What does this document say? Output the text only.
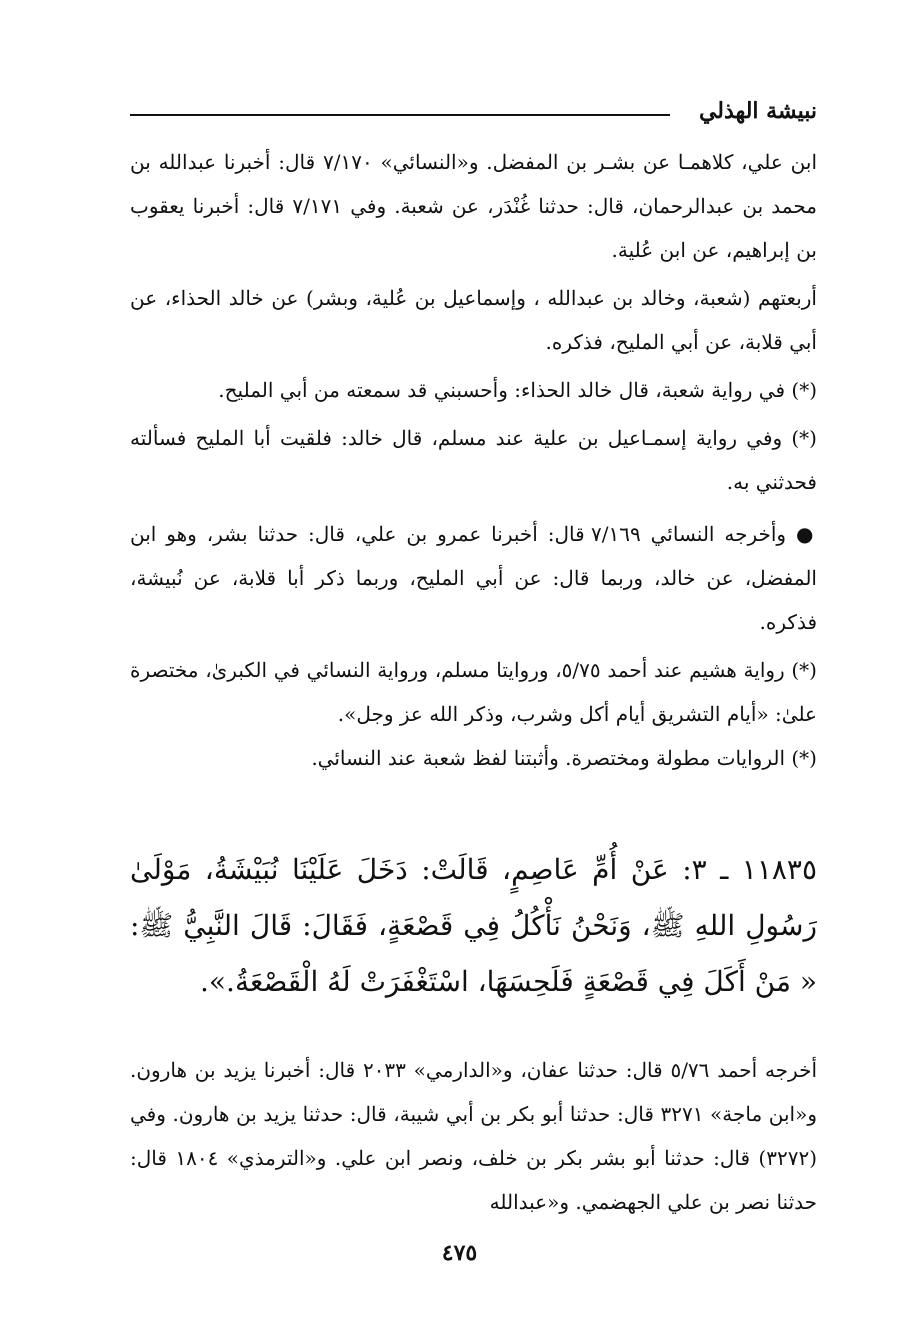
نبيشة الهذلي

ابن علي، كلاهمـا عن بشـر بن المفضل. و«النسائي» ٧/١٧٠ قال: أخبرنا عبدالله بن محمد بن عبدالرحمان، قال: حدثنا غُنْدَر، عن شعبة. وفي ٧/١٧١ قال: أخبرنا يعقوب بن إبراهيم، عن ابن عُلية.

أربعتهم (شعبة، وخالد بن عبدالله ، وإسماعيل بن عُلية، وبشر) عن خالد الحذاء، عن أبي قلابة، عن أبي المليح، فذكره.

(*) في رواية شعبة، قال خالد الحذاء: وأحسبني قد سمعته من أبي المليح.

(*) وفي رواية إسمـاعيل بن علية عند مسلم، قال خالد: فلقيت أبا المليح فسألته فحدثني به.

● وأخرجه النسائي ٧/١٦٩ قال: أخبرنا عمرو بن علي، قال: حدثنا بشر، وهو ابن المفضل، عن خالد، وربما قال: عن أبي المليح، وربما ذكر أبا قلابة، عن نُبيشة، فذكره.

(*) رواية هشيم عند أحمد ٥/٧٥، وروايتا مسلم، ورواية النسائي في الكبرىٰ، مختصرة علىٰ: «أيام التشريق أيام أكل وشرب، وذكر الله عز وجل».

(*) الروايات مطولة ومختصرة. وأثبتنا لفظ شعبة عند النسائي.

١١٨٣٥ ـ ٣: عَنْ أُمِّ عَاصِمٍ، قَالَتْ: دَخَلَ عَلَيْنَا نُبَيْشَةُ، مَوْلَىٰ رَسُولِ اللهِ ﷺ، وَنَحْنُ نَأْكُلُ فِي قَصْعَةٍ، فَقَالَ: قَالَ النَّبِيُّ ﷺ: « مَنْ أَكَلَ فِي قَصْعَةٍ فَلَحِسَهَا، اسْتَغْفَرَتْ لَهُ الْقَصْعَةُ.».

أخرجه أحمد ٥/٧٦ قال: حدثنا عفان، و«الدارمي» ٢٠٣٣ قال: أخبرنا يزيد بن هارون. و«ابن ماجة» ٣٢٧١ قال: حدثنا أبو بكر بن أبي شيبة، قال: حدثنا يزيد بن هارون. وفي (٣٢٧٢) قال: حدثنا أبو بشر بكر بن خلف، ونصر ابن علي. و«الترمذي» ١٨٠٤ قال: حدثنا نصر بن علي الجهضمي. و«عبدالله

٤٧٥
